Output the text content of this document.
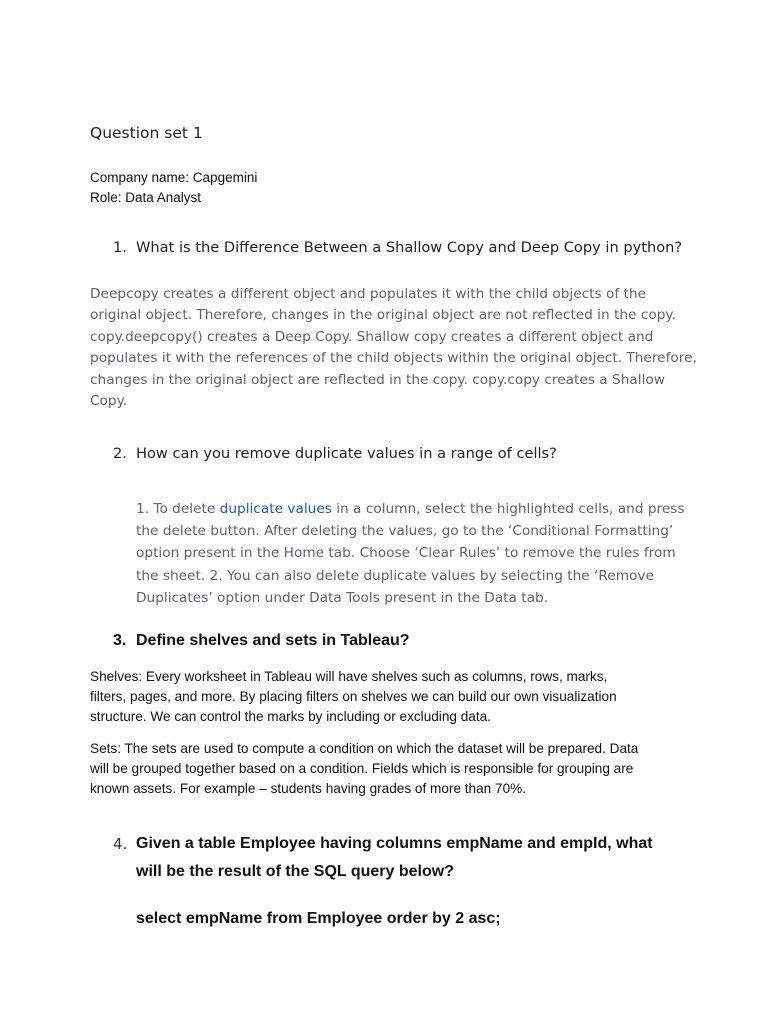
Question set 1
Company name: Capgemini
Role: Data Analyst
1. What is the Difference Between a Shallow Copy and Deep Copy in python?
Deepcopy creates a different object and populates it with the child objects of the
original object. Therefore, changes in the original object are not reflected in the copy.
copy.deepcopy() creates a Deep Copy. Shallow copy creates a different object and
populates it with the references of the child objects within the original object. Therefore,
changes in the original object are reflected in the copy. copy.copy creates a Shallow
Copy.
2. How can you remove duplicate values in a range of cells?
1. To delete duplicate values in a column, select the highlighted cells, and press
the delete button. After deleting the values, go to the ‘Conditional Formatting’
option present in the Home tab. Choose ‘Clear Rules’ to remove the rules from
the sheet. 2. You can also delete duplicate values by selecting the ‘Remove
Duplicates’ option under Data Tools present in the Data tab.
3. Define shelves and sets in Tableau?
Shelves: Every worksheet in Tableau will have shelves such as columns, rows, marks,
filters, pages, and more. By placing filters on shelves we can build our own visualization
structure. We can control the marks by including or excluding data.
Sets: The sets are used to compute a condition on which the dataset will be prepared. Data
will be grouped together based on a condition. Fields which is responsible for grouping are
known assets. For example – students having grades of more than 70%.
4. Given a table Employee having columns empName and empId, what
will be the result of the SQL query below?
select empName from Employee order by 2 asc;
